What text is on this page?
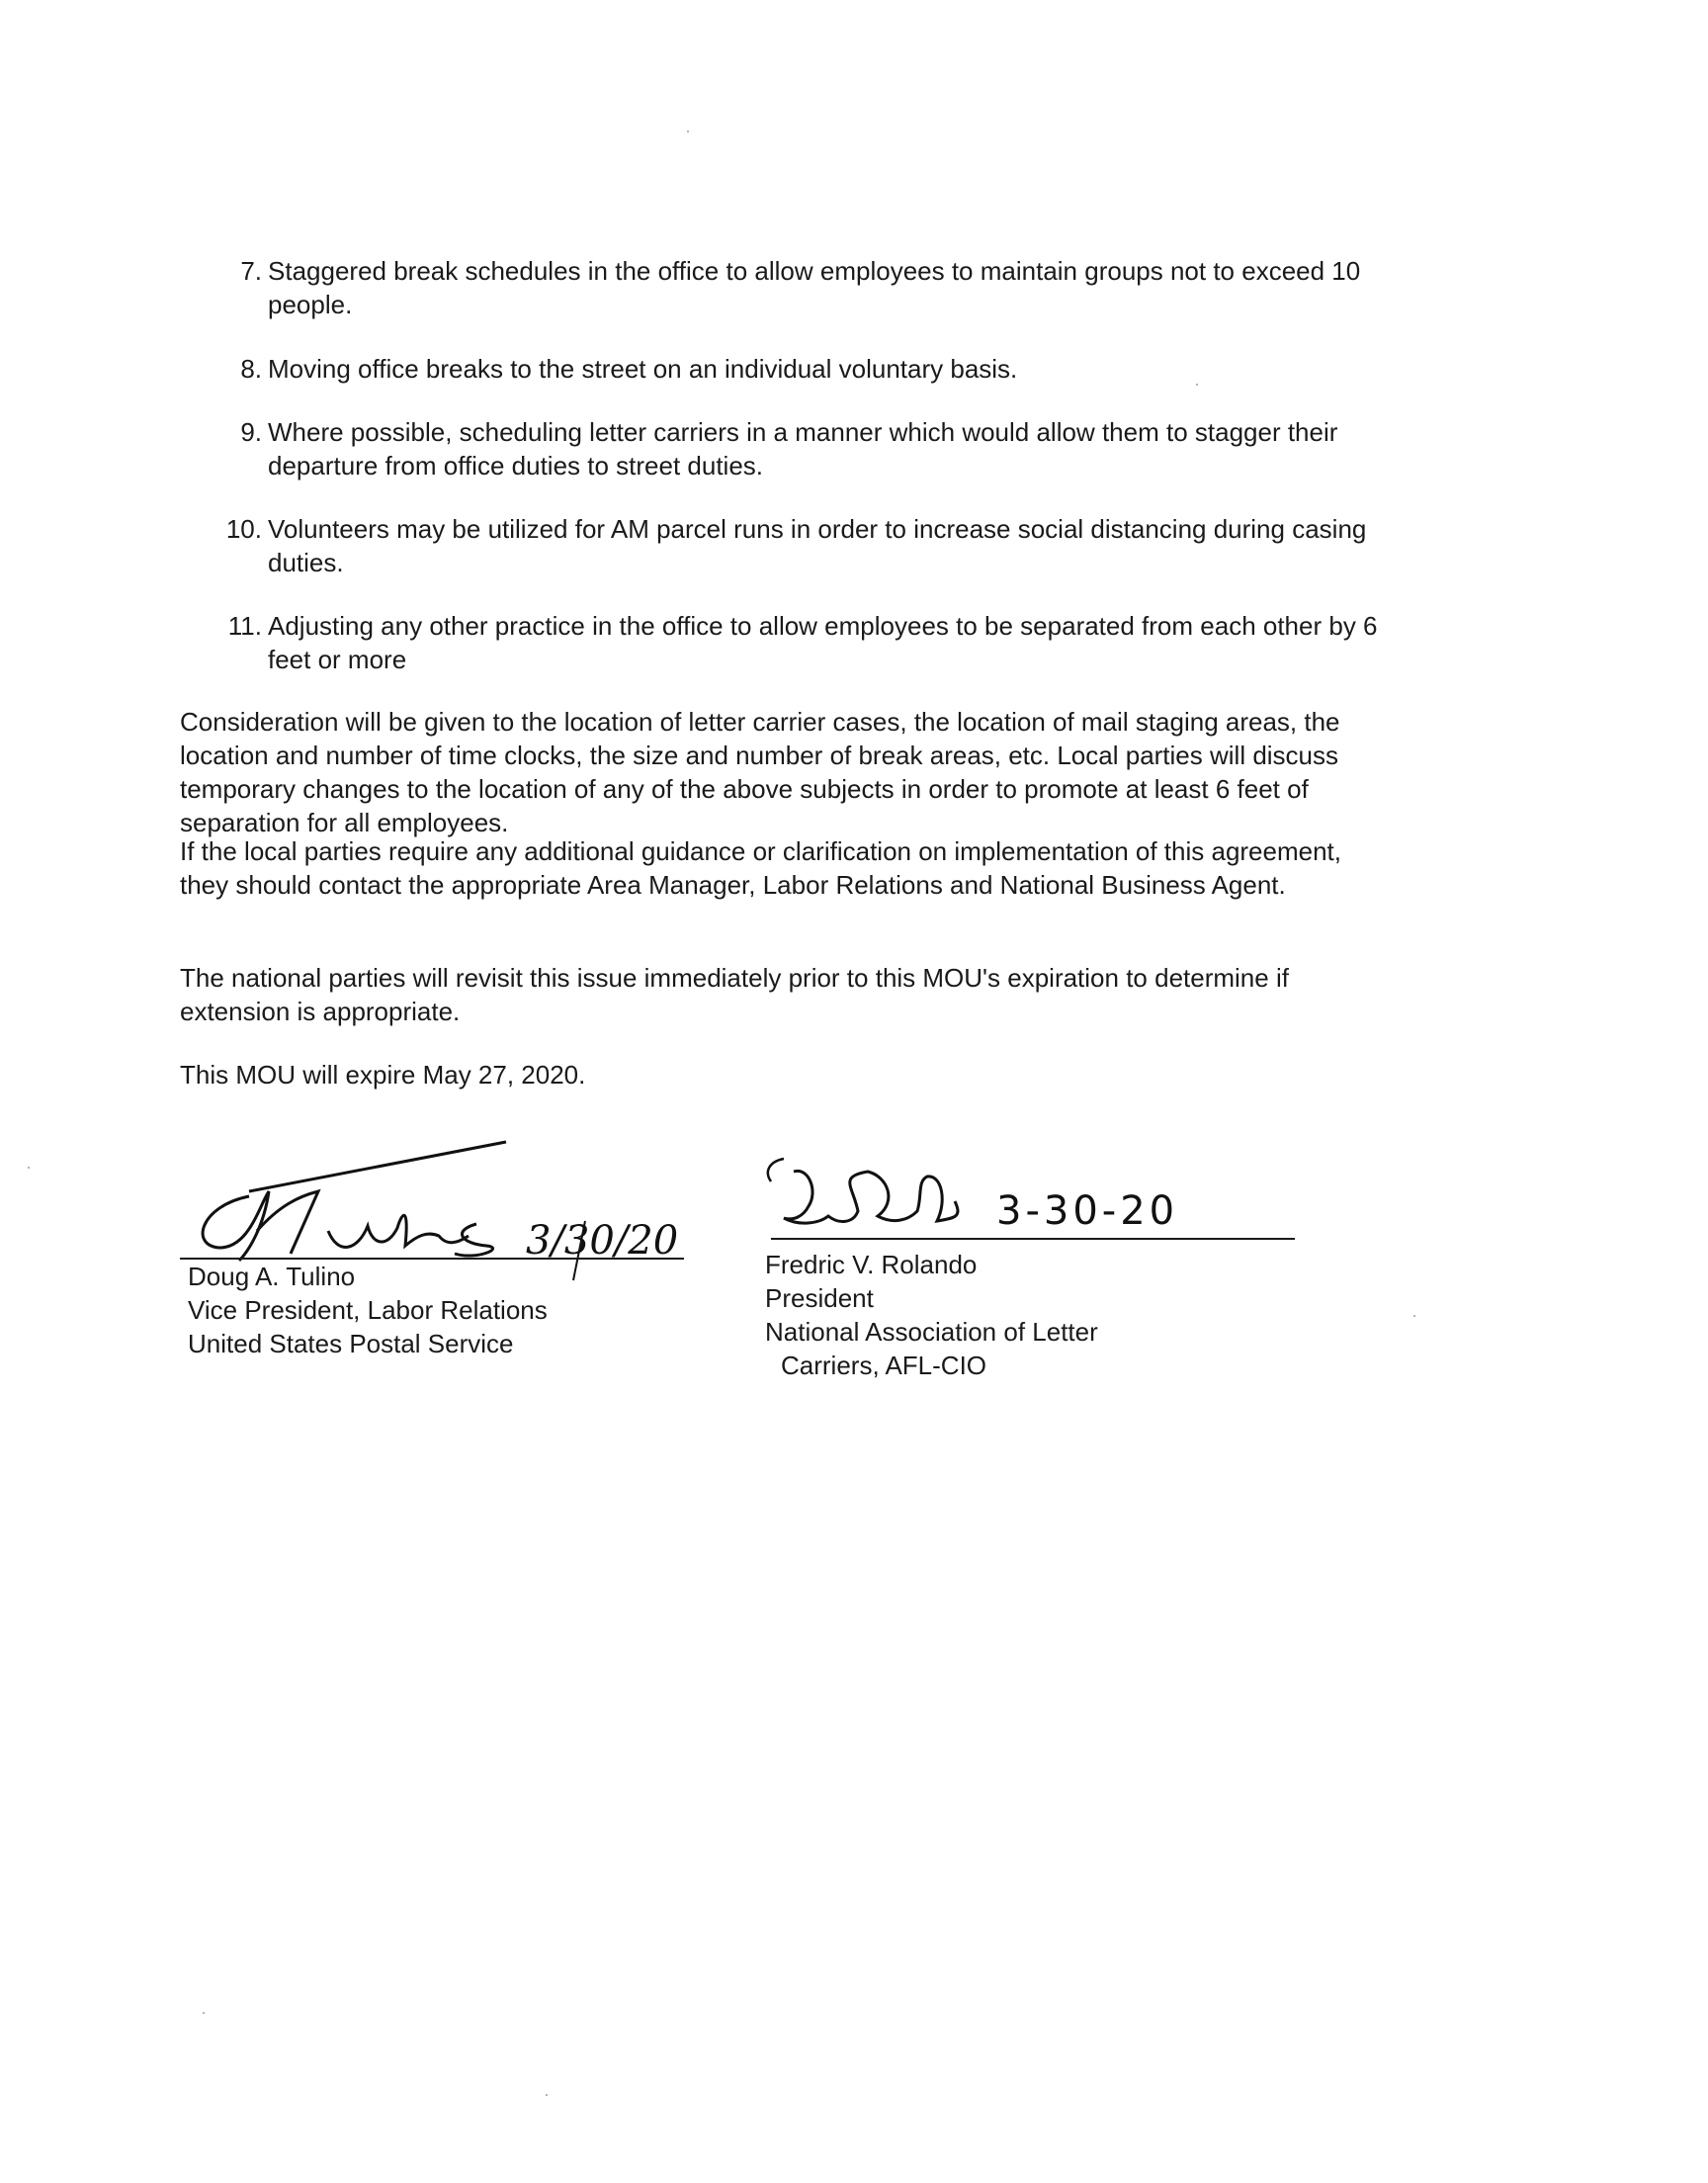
7. Staggered break schedules in the office to allow employees to maintain groups not to exceed 10 people.
8. Moving office breaks to the street on an individual voluntary basis.
9. Where possible, scheduling letter carriers in a manner which would allow them to stagger their departure from office duties to street duties.
10. Volunteers may be utilized for AM parcel runs in order to increase social distancing during casing duties.
11. Adjusting any other practice in the office to allow employees to be separated from each other by 6 feet or more
Consideration will be given to the location of letter carrier cases, the location of mail staging areas, the location and number of time clocks, the size and number of break areas, etc. Local parties will discuss temporary changes to the location of any of the above subjects in order to promote at least 6 feet of separation for all employees.
If the local parties require any additional guidance or clarification on implementation of this agreement, they should contact the appropriate Area Manager, Labor Relations and National Business Agent.
The national parties will revisit this issue immediately prior to this MOU's expiration to determine if extension is appropriate.
This MOU will expire May 27, 2020.
3/30/20
Doug A. Tulino
Vice President, Labor Relations
United States Postal Service
3-30-20
Fredric V. Rolando
President
National Association of Letter
Carriers, AFL-CIO
